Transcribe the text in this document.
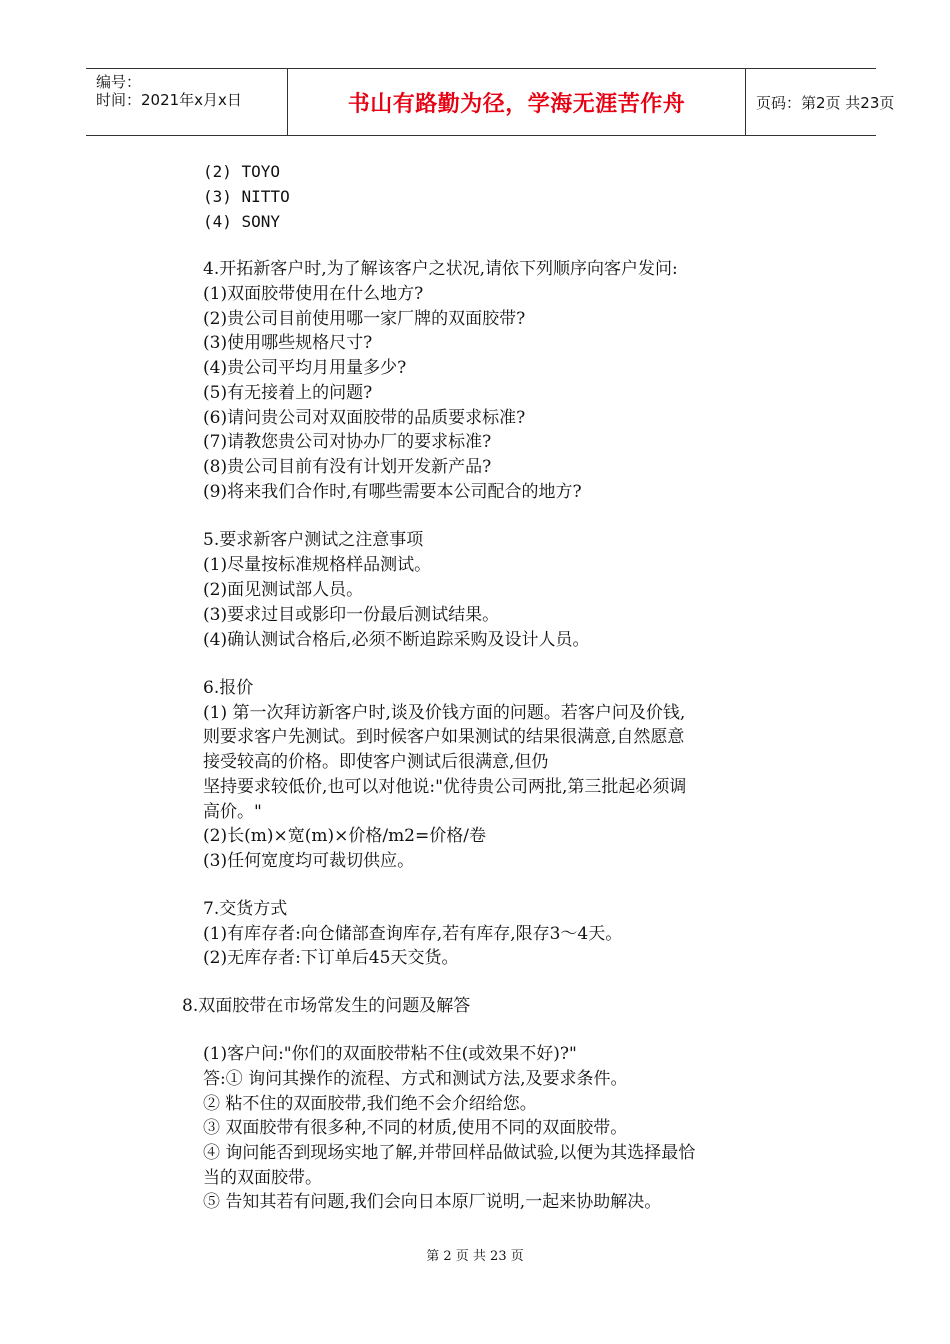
编号：
时间：2021年x月x日	书山有路勤为径，学海无涯苦作舟	页码：第2页 共23页
(2) TOYO
(3) NITTO
(4) SONY
4.开拓新客户时,为了解该客户之状况,请依下列顺序向客户发问:
(1)双面胶带使用在什么地方?
(2)贵公司目前使用哪一家厂牌的双面胶带?
(3)使用哪些规格尺寸?
(4)贵公司平均月用量多少?
(5)有无接着上的问题?
(6)请问贵公司对双面胶带的品质要求标准?
(7)请教您贵公司对协办厂的要求标准?
(8)贵公司目前有没有计划开发新产品?
(9)将来我们合作时,有哪些需要本公司配合的地方?
5.要求新客户测试之注意事项
(1)尽量按标准规格样品测试。
(2)面见测试部人员。
(3)要求过目或影印一份最后测试结果。
(4)确认测试合格后,必须不断追踪采购及设计人员。
6.报价
(1) 第一次拜访新客户时,谈及价钱方面的问题。若客户问及价钱,
则要求客户先测试。到时候客户如果测试的结果很满意,自然愿意
接受较高的价格。即使客户测试后很满意,但仍
坚持要求较低价,也可以对他说:"优待贵公司两批,第三批起必须调
高价。"
(2)长(m)×宽(m)×价格/m2=价格/卷
(3)任何宽度均可裁切供应。
7.交货方式
(1)有库存者:向仓储部查询库存,若有库存,限存3～4天。
(2)无库存者:下订单后45天交货。
8.双面胶带在市场常发生的问题及解答
(1)客户问:"你们的双面胶带粘不住(或效果不好)?"
答:① 询问其操作的流程、方式和测试方法,及要求条件。
② 粘不住的双面胶带,我们绝不会介绍给您。
③ 双面胶带有很多种,不同的材质,使用不同的双面胶带。
④ 询问能否到现场实地了解,并带回样品做试验,以便为其选择最恰
当的双面胶带。
⑤ 告知其若有问题,我们会向日本原厂说明,一起来协助解决。
第 2 页 共 23 页
